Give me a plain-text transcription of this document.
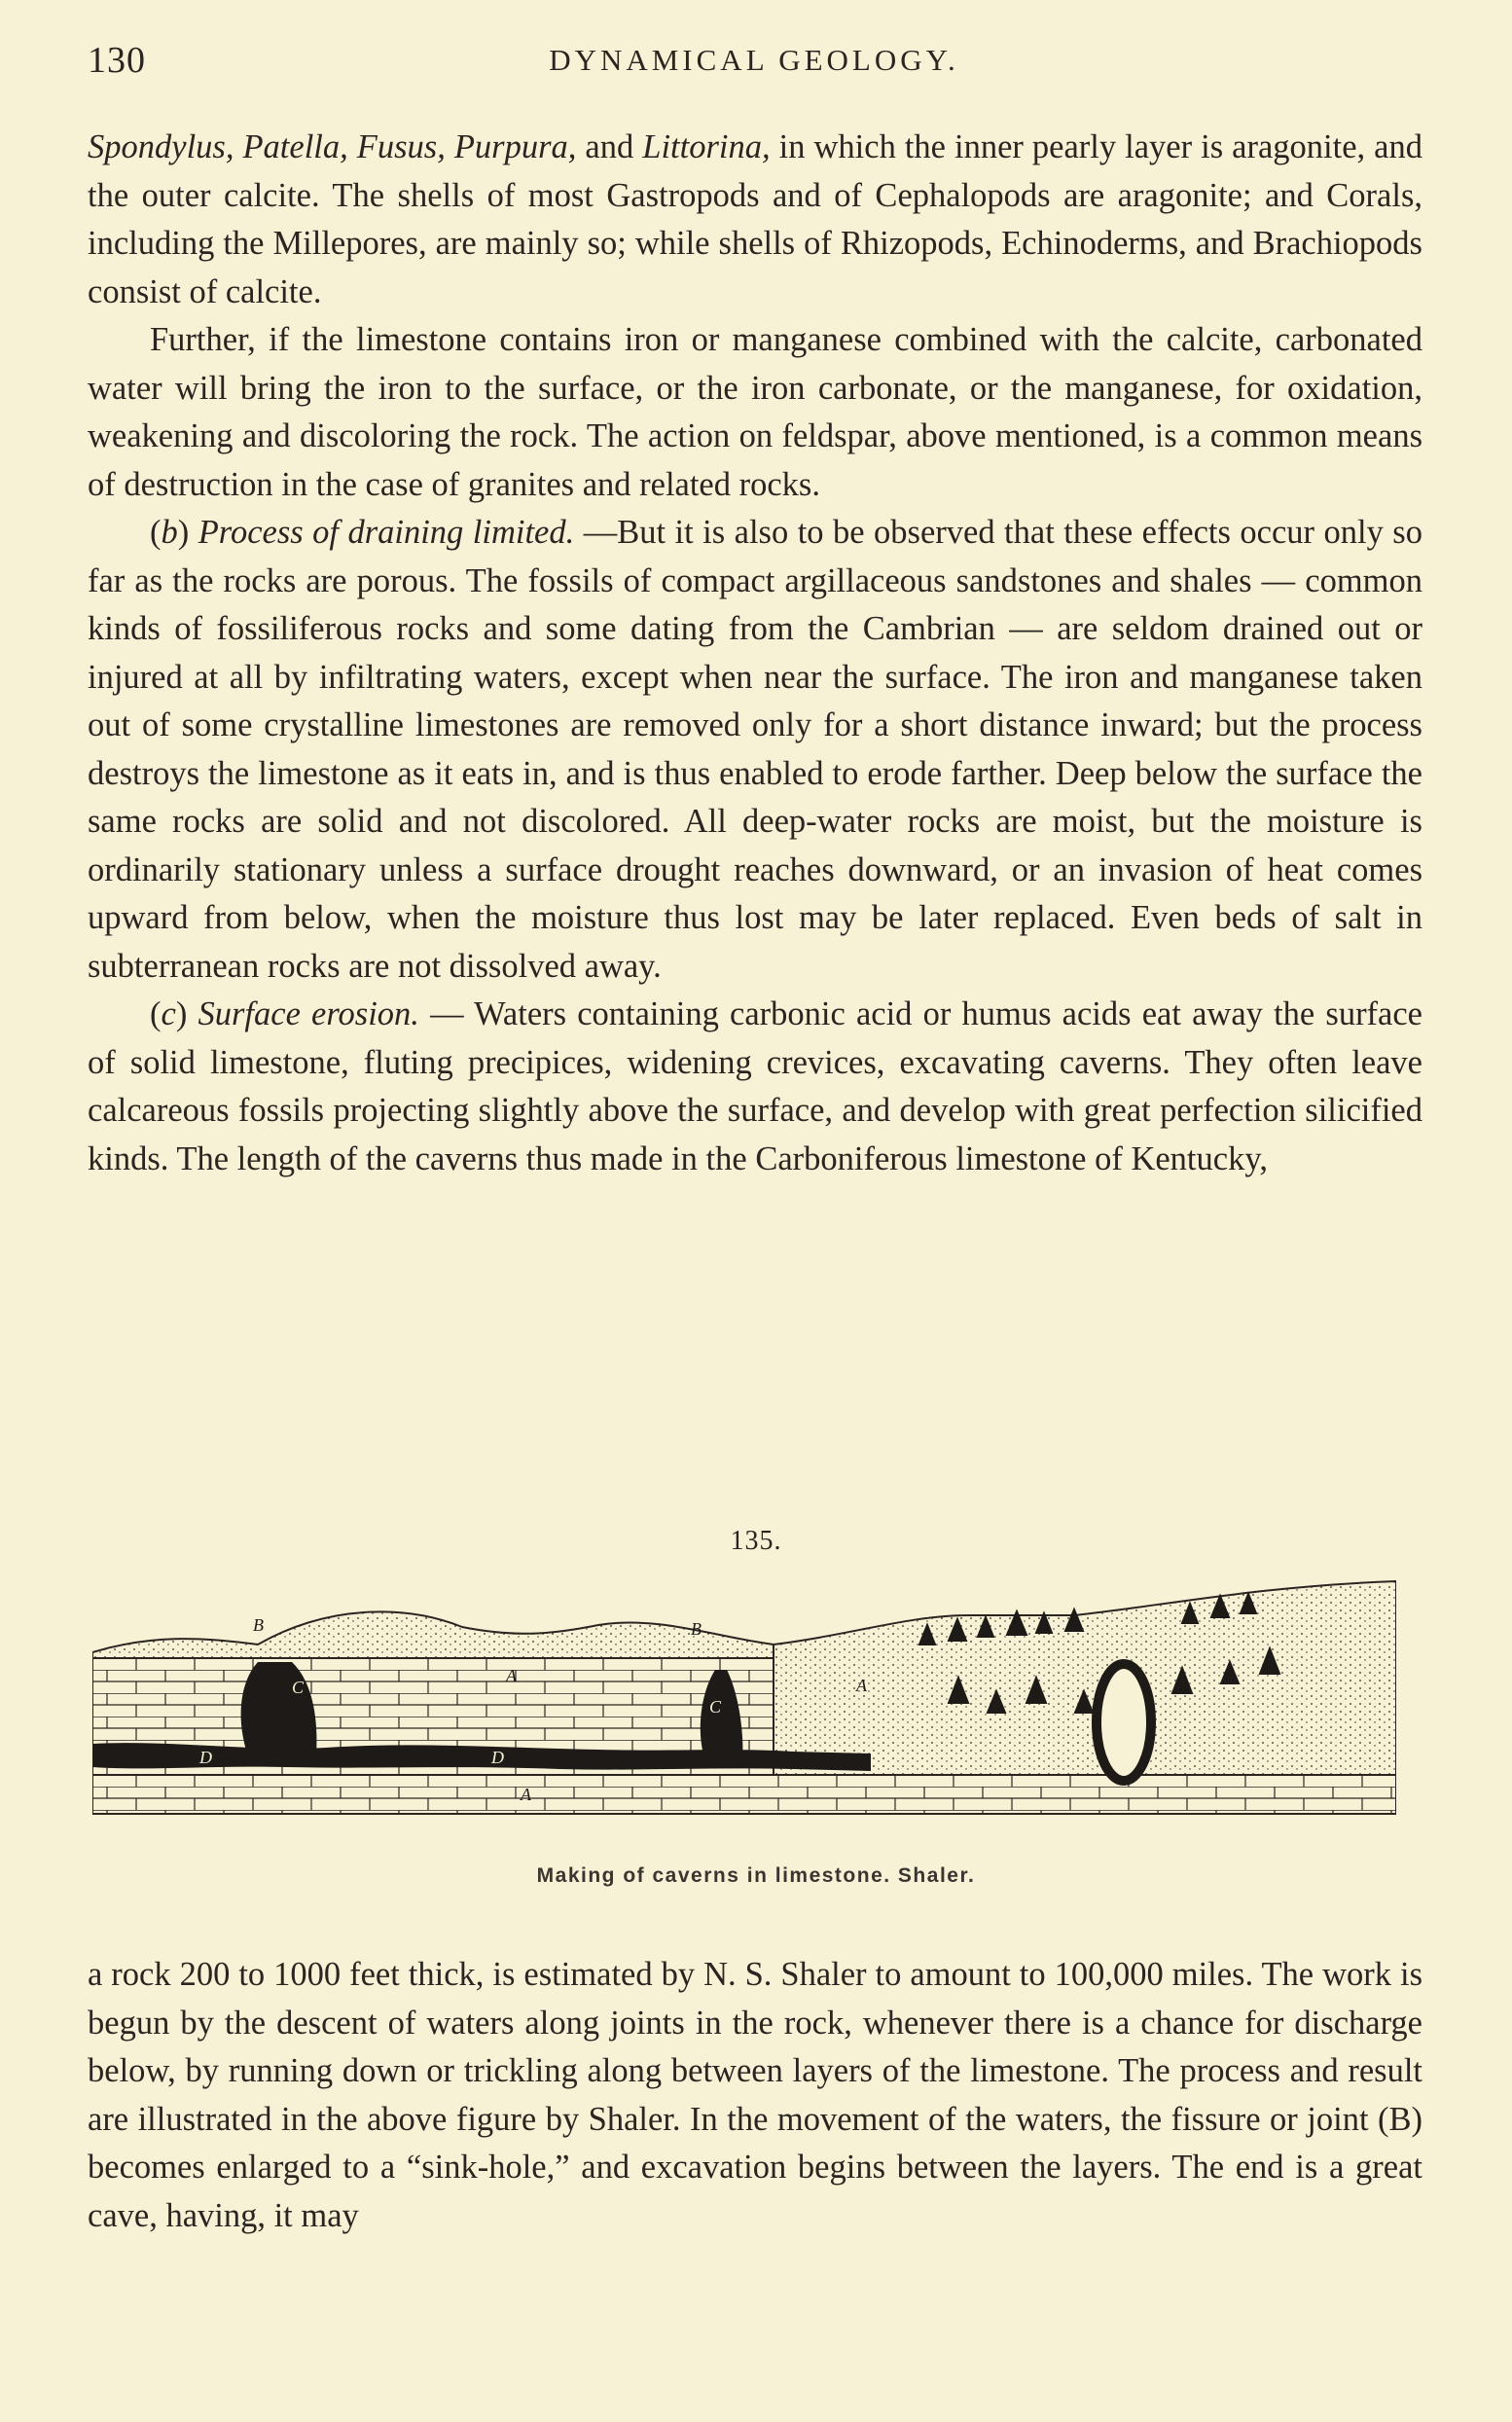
130	DYNAMICAL GEOLOGY.

Spondylus, Patella, Fusus, Purpura, and Littorina, in which the inner pearly layer is aragonite, and the outer calcite. The shells of most Gastropods and of Cephalopods are aragonite; and Corals, including the Millepores, are mainly so; while shells of Rhizopods, Echinoderms, and Brachiopods consist of calcite.

Further, if the limestone contains iron or manganese combined with the calcite, carbonated water will bring the iron to the surface, or the iron carbonate, or the manganese, for oxidation, weakening and discoloring the rock. The action on feldspar, above mentioned, is a common means of destruction in the case of granites and related rocks.

(b) Process of draining limited. —But it is also to be observed that these effects occur only so far as the rocks are porous. The fossils of compact argillaceous sandstones and shales — common kinds of fossiliferous rocks and some dating from the Cambrian — are seldom drained out or injured at all by infiltrating waters, except when near the surface. The iron and manganese taken out of some crystalline limestones are removed only for a short distance inward; but the process destroys the limestone as it eats in, and is thus enabled to erode farther. Deep below the surface the same rocks are solid and not discolored. All deep-water rocks are moist, but the moisture is ordinarily stationary unless a surface drought reaches downward, or an invasion of heat comes upward from below, when the moisture thus lost may be later replaced. Even beds of salt in subterranean rocks are not dissolved away.

(c) Surface erosion. — Waters containing carbonic acid or humus acids eat away the surface of solid limestone, fluting precipices, widening crevices, excavating caverns. They often leave calcareous fossils projecting slightly above the surface, and develop with great perfection silicified kinds. The length of the caverns thus made in the Carboniferous limestone of Kentucky,

135.
B	B
A	A
A
C
C
D	D
Making of caverns in limestone. Shaler.

a rock 200 to 1000 feet thick, is estimated by N. S. Shaler to amount to 100,000 miles. The work is begun by the descent of waters along joints in the rock, whenever there is a chance for discharge below, by running down or trickling along between layers of the limestone. The process and result are illustrated in the above figure by Shaler. In the movement of the waters, the fissure or joint (B) becomes enlarged to a “sink-hole,” and excavation begins between the layers. The end is a great cave, having, it may
